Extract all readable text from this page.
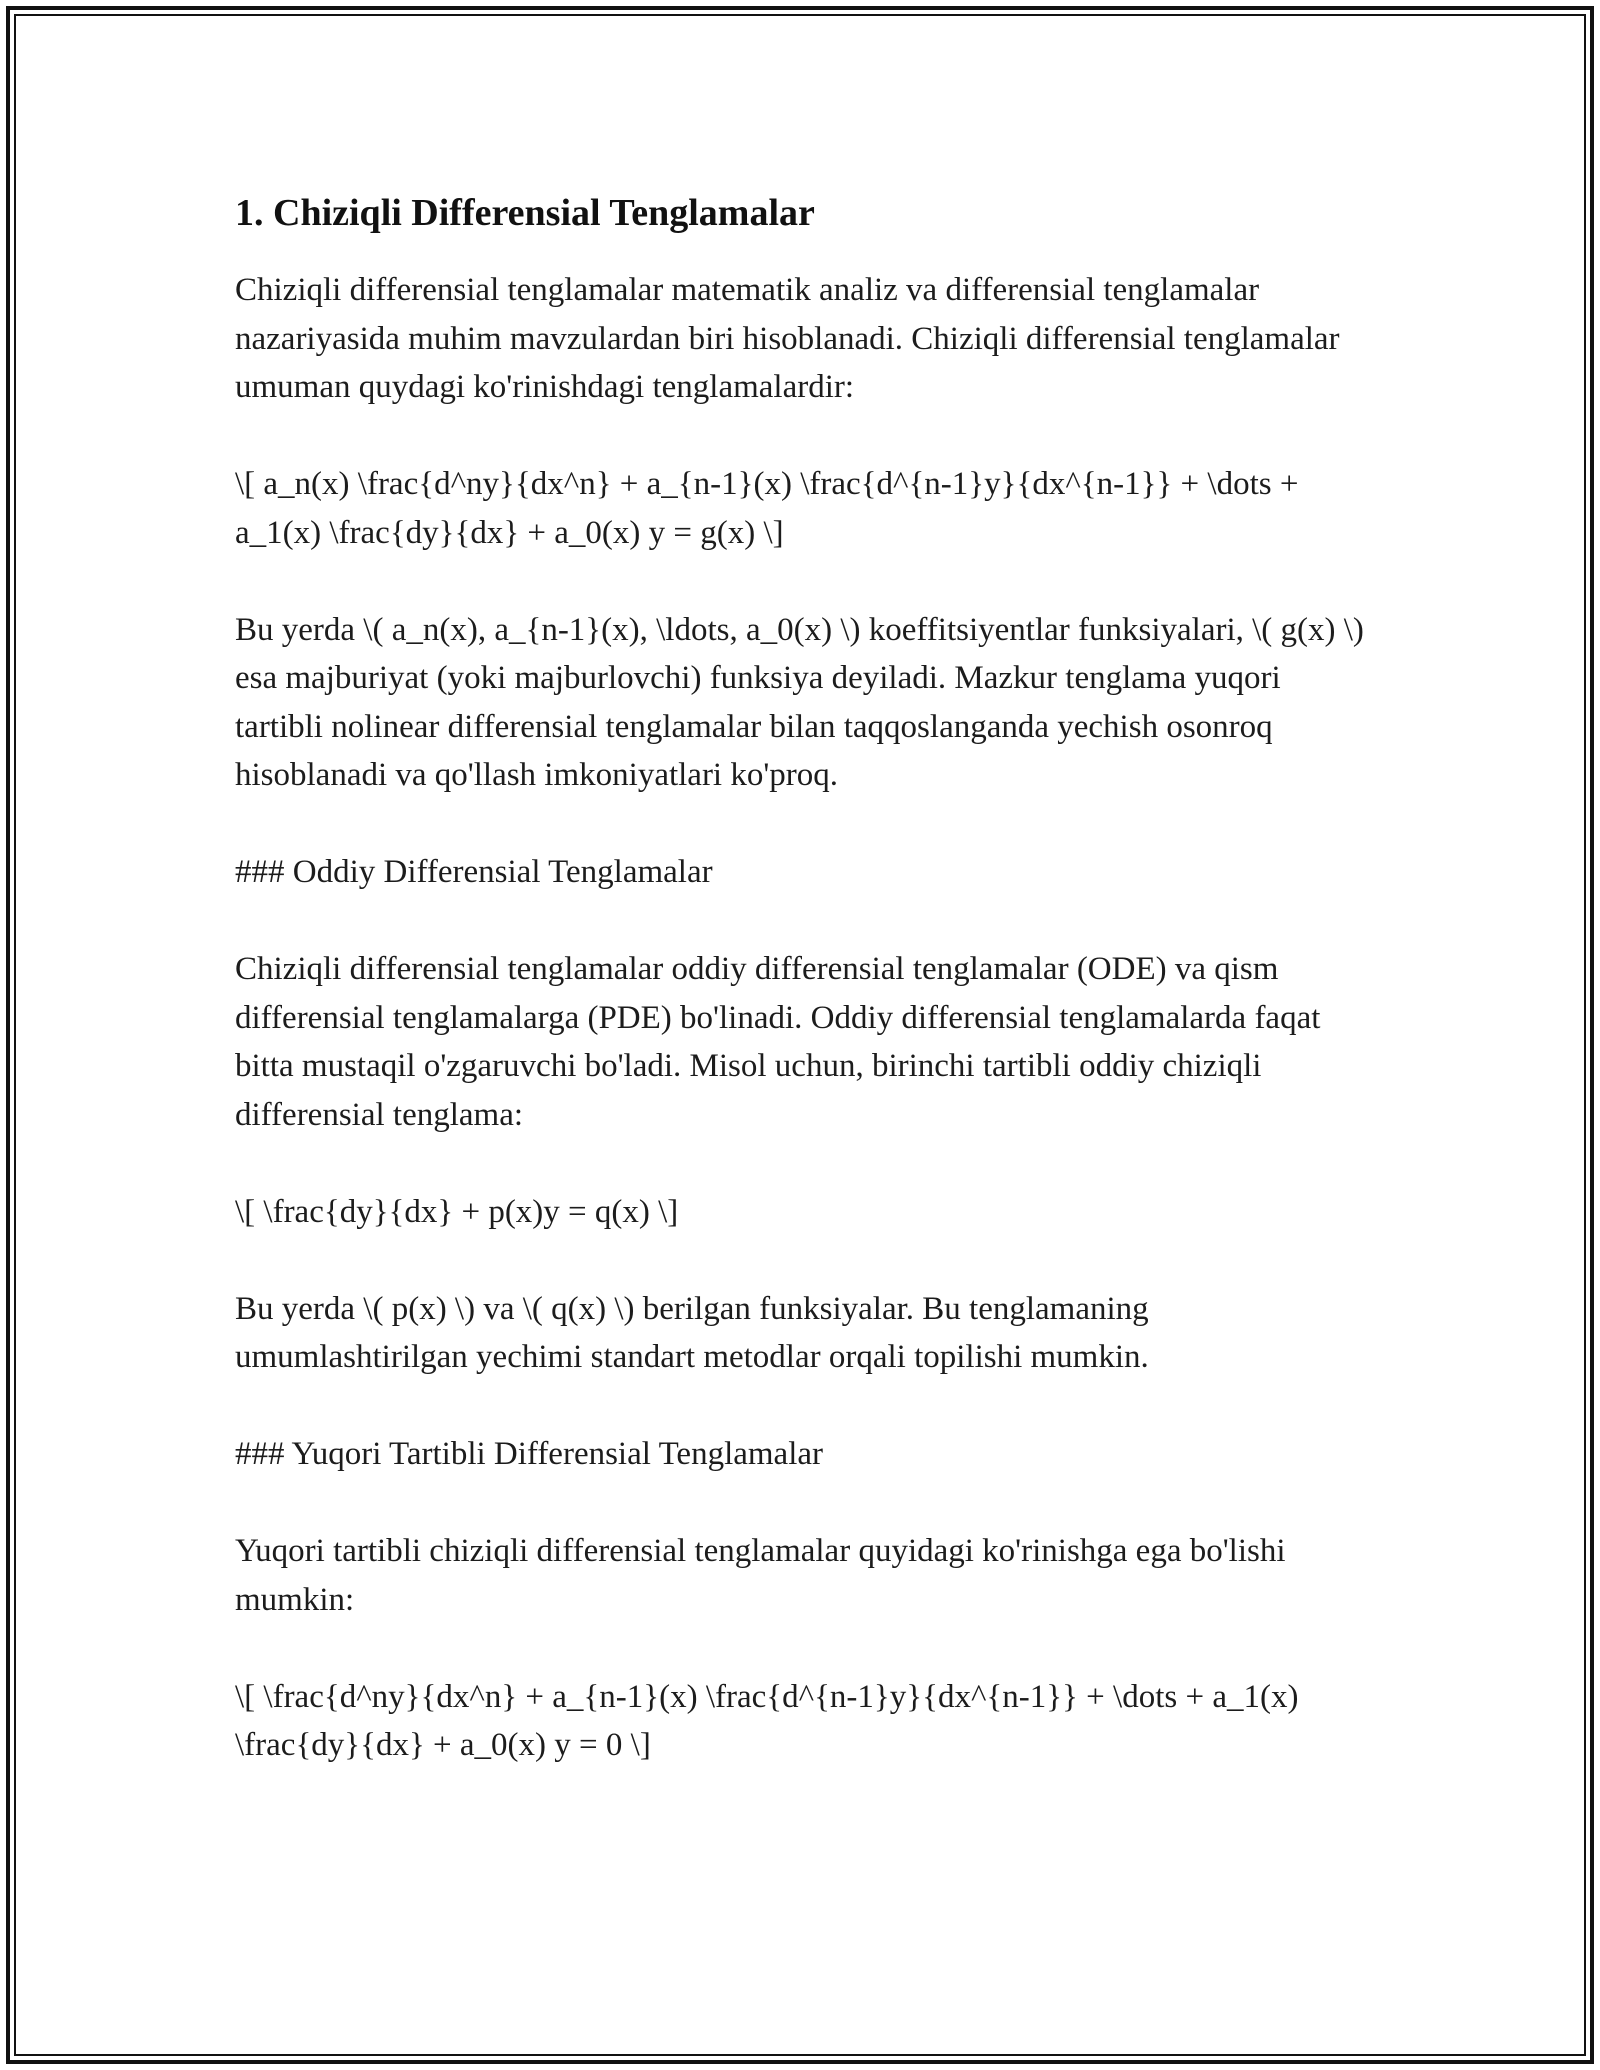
1. Chiziqli Differensial Tenglamalar

Chiziqli differensial tenglamalar matematik analiz va differensial tenglamalar nazariyasida muhim mavzulardan biri hisoblanadi. Chiziqli differensial tenglamalar umuman quydagi ko'rinishdagi tenglamalardir:

\[ a_n(x) \frac{d^ny}{dx^n} + a_{n-1}(x) \frac{d^{n-1}y}{dx^{n-1}} + \dots + a_1(x) \frac{dy}{dx} + a_0(x) y = g(x) \]

Bu yerda \( a_n(x), a_{n-1}(x), \ldots, a_0(x) \) koeffitsiyentlar funksiyalari, \( g(x) \) esa majburiyat (yoki majburlovchi) funksiya deyiladi. Mazkur tenglama yuqori tartibli nolinear differensial tenglamalar bilan taqqoslanganda yechish osonroq hisoblanadi va qo'llash imkoniyatlari ko'proq.

### Oddiy Differensial Tenglamalar

Chiziqli differensial tenglamalar oddiy differensial tenglamalar (ODE) va qism differensial tenglamalarga (PDE) bo'linadi. Oddiy differensial tenglamalarda faqat bitta mustaqil o'zgaruvchi bo'ladi. Misol uchun, birinchi tartibli oddiy chiziqli differensial tenglama:

\[ \frac{dy}{dx} + p(x)y = q(x) \]

Bu yerda \( p(x) \) va \( q(x) \) berilgan funksiyalar. Bu tenglamaning umumlashtirilgan yechimi standart metodlar orqali topilishi mumkin.

### Yuqori Tartibli Differensial Tenglamalar

Yuqori tartibli chiziqli differensial tenglamalar quyidagi ko'rinishga ega bo'lishi mumkin:

\[ \frac{d^ny}{dx^n} + a_{n-1}(x) \frac{d^{n-1}y}{dx^{n-1}} + \dots + a_1(x) \frac{dy}{dx} + a_0(x) y = 0 \]
